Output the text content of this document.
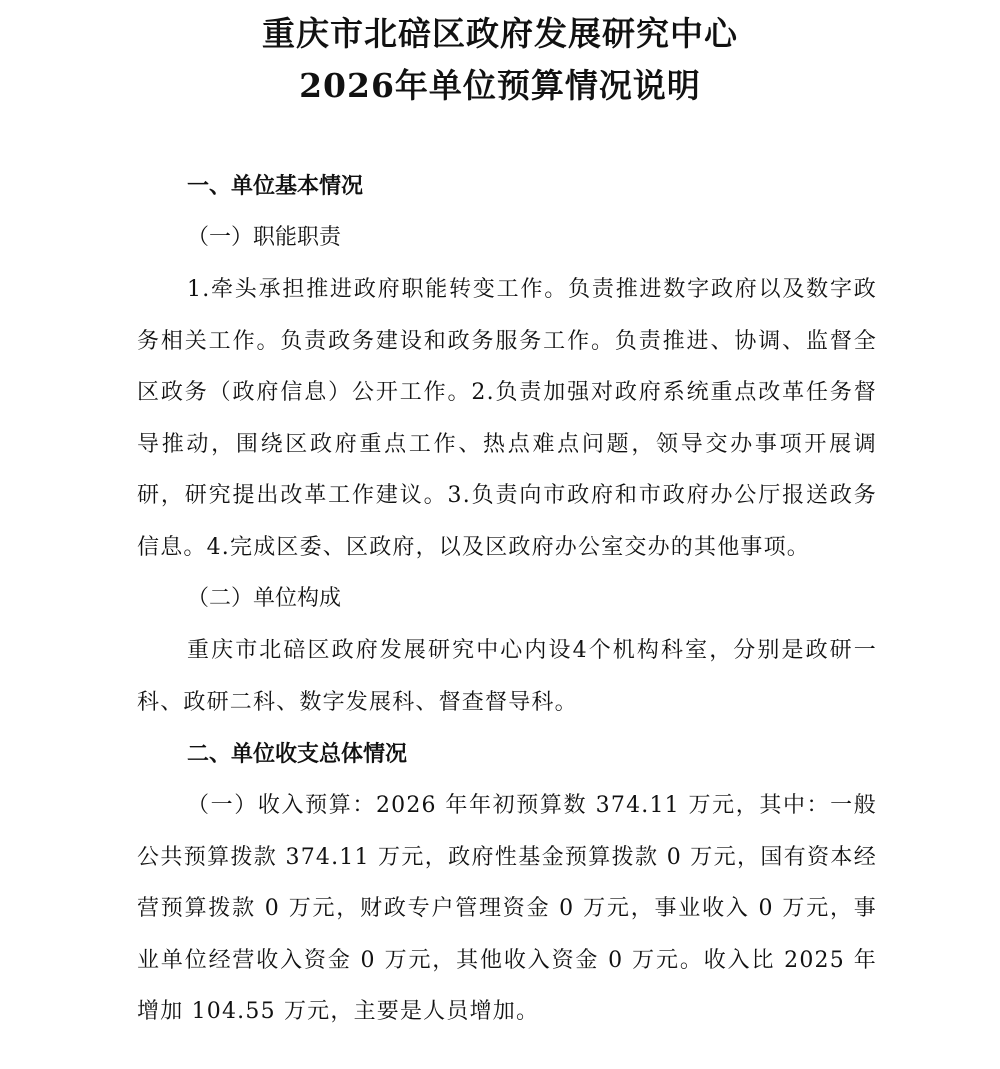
重庆市北碚区政府发展研究中心
2026年单位预算情况说明

一、单位基本情况

（一）职能职责

1.牵头承担推进政府职能转变工作。负责推进数字政府以及数字政务相关工作。负责政务建设和政务服务工作。负责推进、协调、监督全区政务（政府信息）公开工作。2.负责加强对政府系统重点改革任务督导推动，围绕区政府重点工作、热点难点问题，领导交办事项开展调研，研究提出改革工作建议。3.负责向市政府和市政府办公厅报送政务信息。4.完成区委、区政府，以及区政府办公室交办的其他事项。

（二）单位构成

重庆市北碚区政府发展研究中心内设4个机构科室，分别是政研一科、政研二科、数字发展科、督查督导科。

二、单位收支总体情况

（一）收入预算：2026 年年初预算数 374.11 万元，其中：一般公共预算拨款 374.11 万元，政府性基金预算拨款 0 万元，国有资本经营预算拨款 0 万元，财政专户管理资金 0 万元，事业收入 0 万元，事业单位经营收入资金 0 万元，其他收入资金 0 万元。收入比 2025 年增加 104.55 万元，主要是人员增加。
